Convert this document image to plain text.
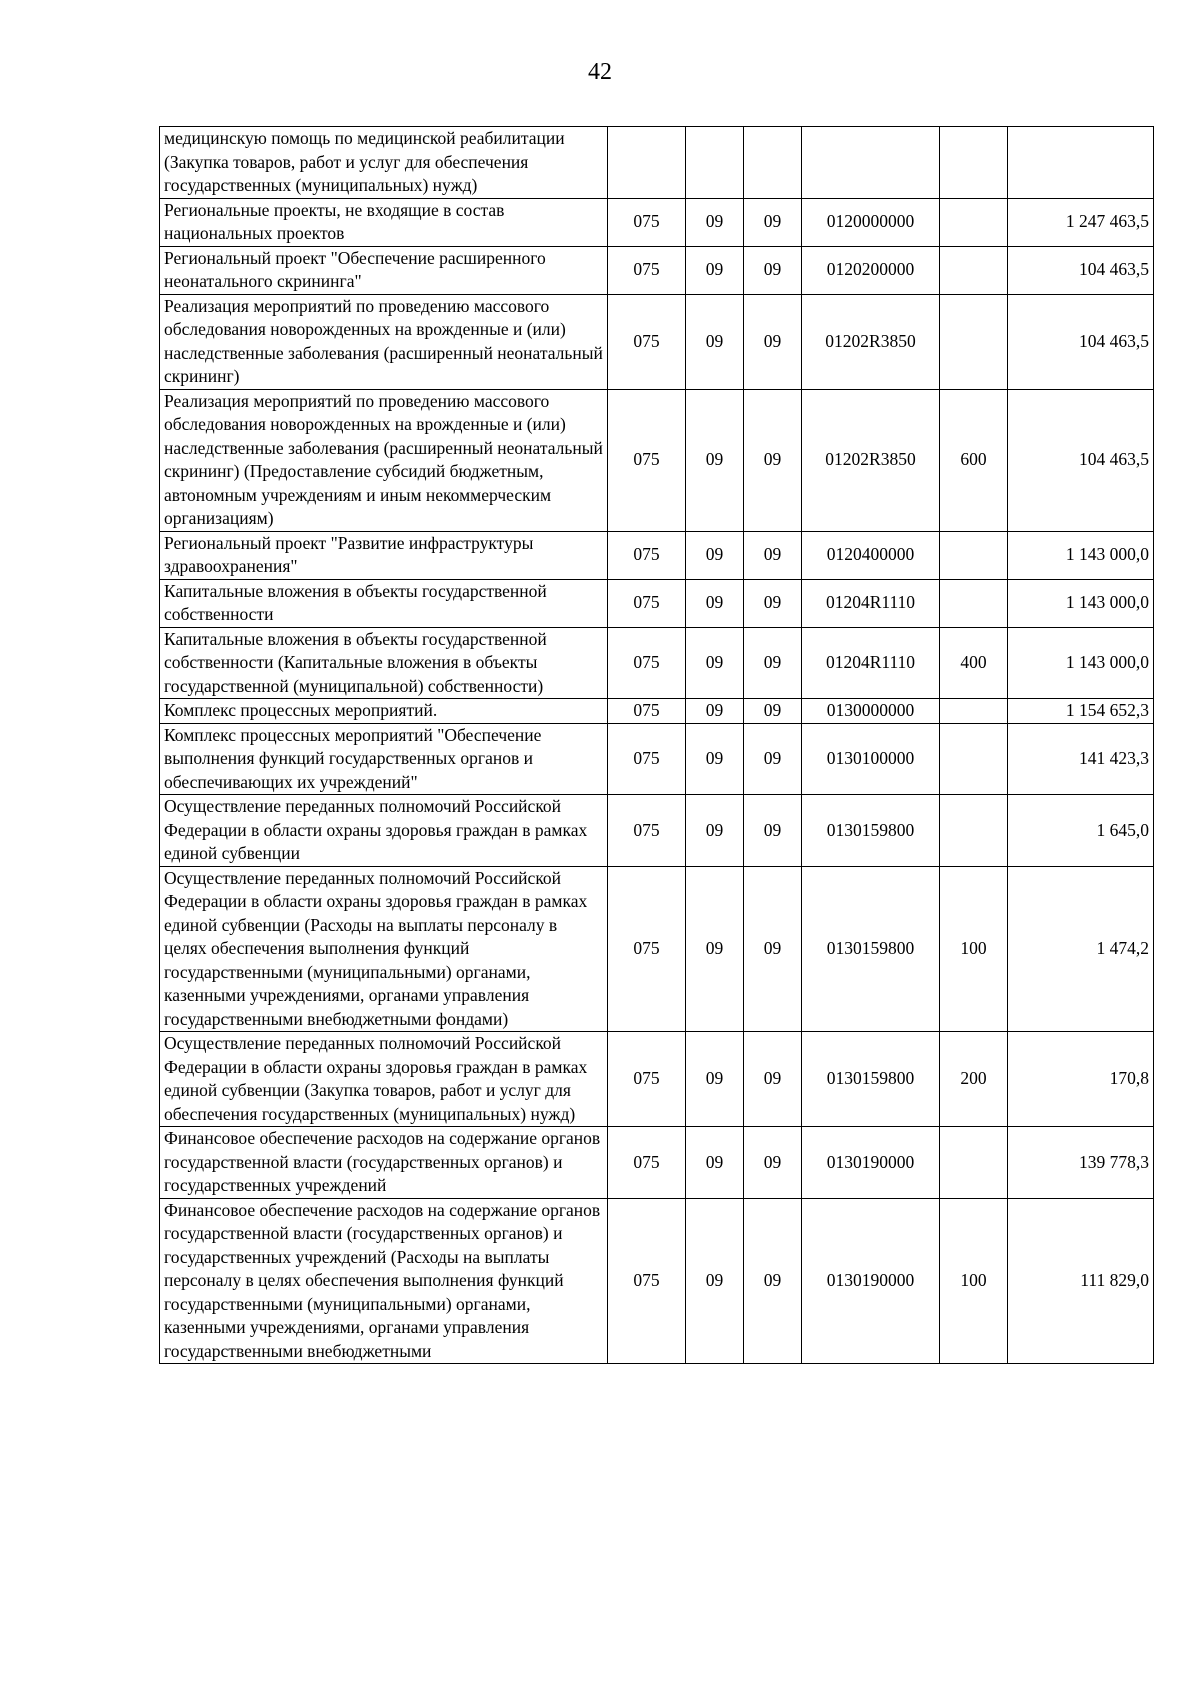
42
медицинскую помощь по медицинской реабилитации (Закупка товаров, работ и услуг для обеспечения государственных (муниципальных) нужд)						
Региональные проекты, не входящие в состав национальных проектов	075	09	09	0120000000		1 247 463,5
Региональный проект "Обеспечение расширенного неонатального скрининга"	075	09	09	0120200000		104 463,5
Реализация мероприятий по проведению массового обследования новорожденных на врожденные и (или) наследственные заболевания (расширенный неонатальный скрининг)	075	09	09	01202R3850		104 463,5
Реализация мероприятий по проведению массового обследования новорожденных на врожденные и (или) наследственные заболевания (расширенный неонатальный скрининг) (Предоставление субсидий бюджетным, автономным учреждениям и иным некоммерческим организациям)	075	09	09	01202R3850	600	104 463,5
Региональный проект "Развитие инфраструктуры здравоохранения"	075	09	09	0120400000		1 143 000,0
Капитальные вложения в объекты государственной собственности	075	09	09	01204R1110		1 143 000,0
Капитальные вложения в объекты государственной собственности (Капитальные вложения в объекты государственной (муниципальной) собственности)	075	09	09	01204R1110	400	1 143 000,0
Комплекс процессных мероприятий.	075	09	09	0130000000		1 154 652,3
Комплекс процессных мероприятий "Обеспечение выполнения функций государственных органов и обеспечивающих их учреждений"	075	09	09	0130100000		141 423,3
Осуществление переданных полномочий Российской Федерации в области охраны здоровья граждан в рамках единой субвенции	075	09	09	0130159800		1 645,0
Осуществление переданных полномочий Российской Федерации в области охраны здоровья граждан в рамках единой субвенции (Расходы на выплаты персоналу в целях обеспечения выполнения функций государственными (муниципальными) органами, казенными учреждениями, органами управления государственными внебюджетными фондами)	075	09	09	0130159800	100	1 474,2
Осуществление переданных полномочий Российской Федерации в области охраны здоровья граждан в рамках единой субвенции (Закупка товаров, работ и услуг для обеспечения государственных (муниципальных) нужд)	075	09	09	0130159800	200	170,8
Финансовое обеспечение расходов на содержание органов государственной власти (государственных органов) и государственных учреждений	075	09	09	0130190000		139 778,3
Финансовое обеспечение расходов на содержание органов государственной власти (государственных органов) и государственных учреждений (Расходы на выплаты персоналу в целях обеспечения выполнения функций государственными (муниципальными) органами, казенными учреждениями, органами управления государственными внебюджетными	075	09	09	0130190000	100	111 829,0
